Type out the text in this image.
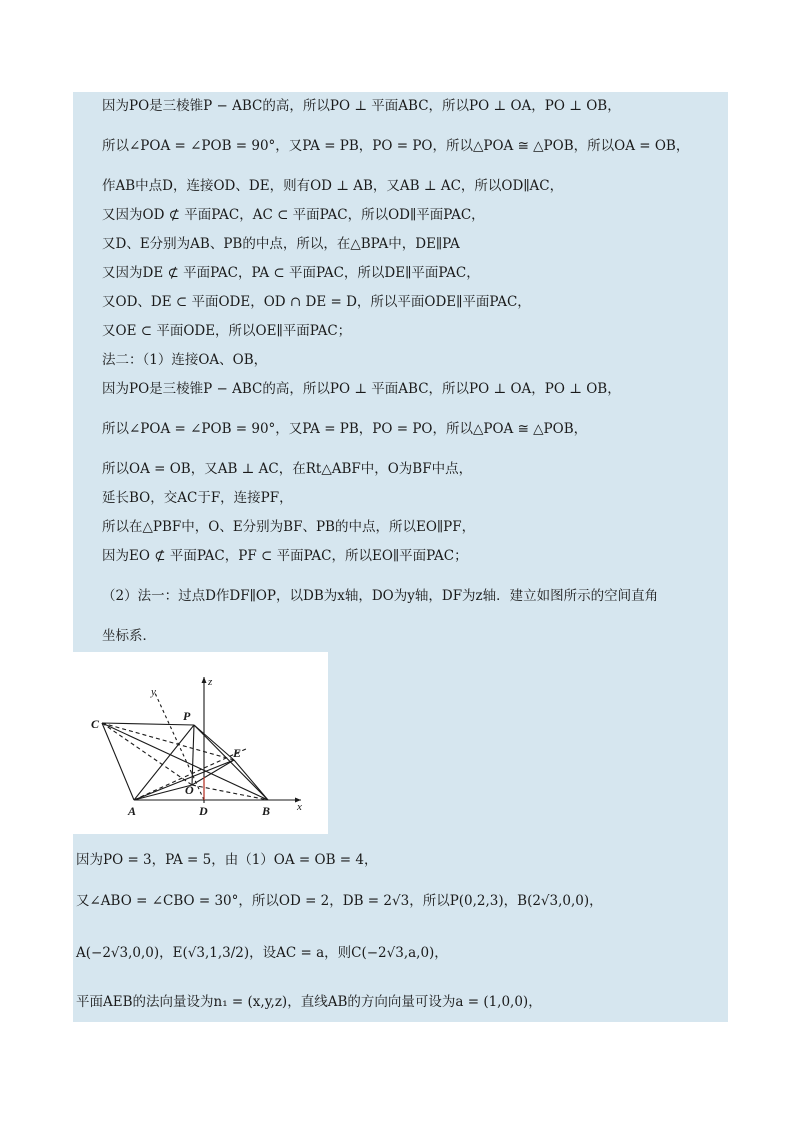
因为PO是三棱锥P − ABC的高，所以PO ⊥ 平面ABC，所以PO ⊥ OA，PO ⊥ OB，
所以∠POA = ∠POB = 90°，又PA = PB，PO = PO，所以△POA ≅ △POB，所以OA = OB，
作AB中点D，连接OD、DE，则有OD ⊥ AB，又AB ⊥ AC，所以OD∥AC，
又因为OD ⊄ 平面PAC，AC ⊂ 平面PAC，所以OD∥平面PAC，
又D、E分别为AB、PB的中点，所以，在△BPA中，DE∥PA
又因为DE ⊄ 平面PAC，PA ⊂ 平面PAC，所以DE∥平面PAC，
又OD、DE ⊂ 平面ODE，OD ∩ DE = D，所以平面ODE∥平面PAC，
又OE ⊂ 平面ODE，所以OE∥平面PAC；
法二：（1）连接OA、OB，
因为PO是三棱锥P − ABC的高，所以PO ⊥ 平面ABC，所以PO ⊥ OA，PO ⊥ OB，
所以∠POA = ∠POB = 90°，又PA = PB，PO = PO，所以△POA ≅ △POB，
所以OA = OB，又AB ⊥ AC，在Rt△ABF中，O为BF中点，
延长BO，交AC于F，连接PF，
所以在△PBF中，O、E分别为BF、PB的中点，所以EO∥PF，
因为EO ⊄ 平面PAC，PF ⊂ 平面PAC，所以EO∥平面PAC；
（2）法一：过点D作DF∥OP，以DB为x轴，DO为y轴，DF为z轴．建立如图所示的空间直角
坐标系．
C
P
E
O
A	D	B x
y
z
因为PO = 3，PA = 5，由（1）OA = OB = 4，
又∠ABO = ∠CBO = 30°，所以OD = 2，DB = 2√3，所以P(0,2,3)，B(2√3,0,0)，
A(−2√3,0,0)，E(√3,1,3/2)，设AC = a，则C(−2√3,a,0)，
平面AEB的法向量设为n₁ = (x,y,z)，直线AB的方向向量可设为a = (1,0,0)，
